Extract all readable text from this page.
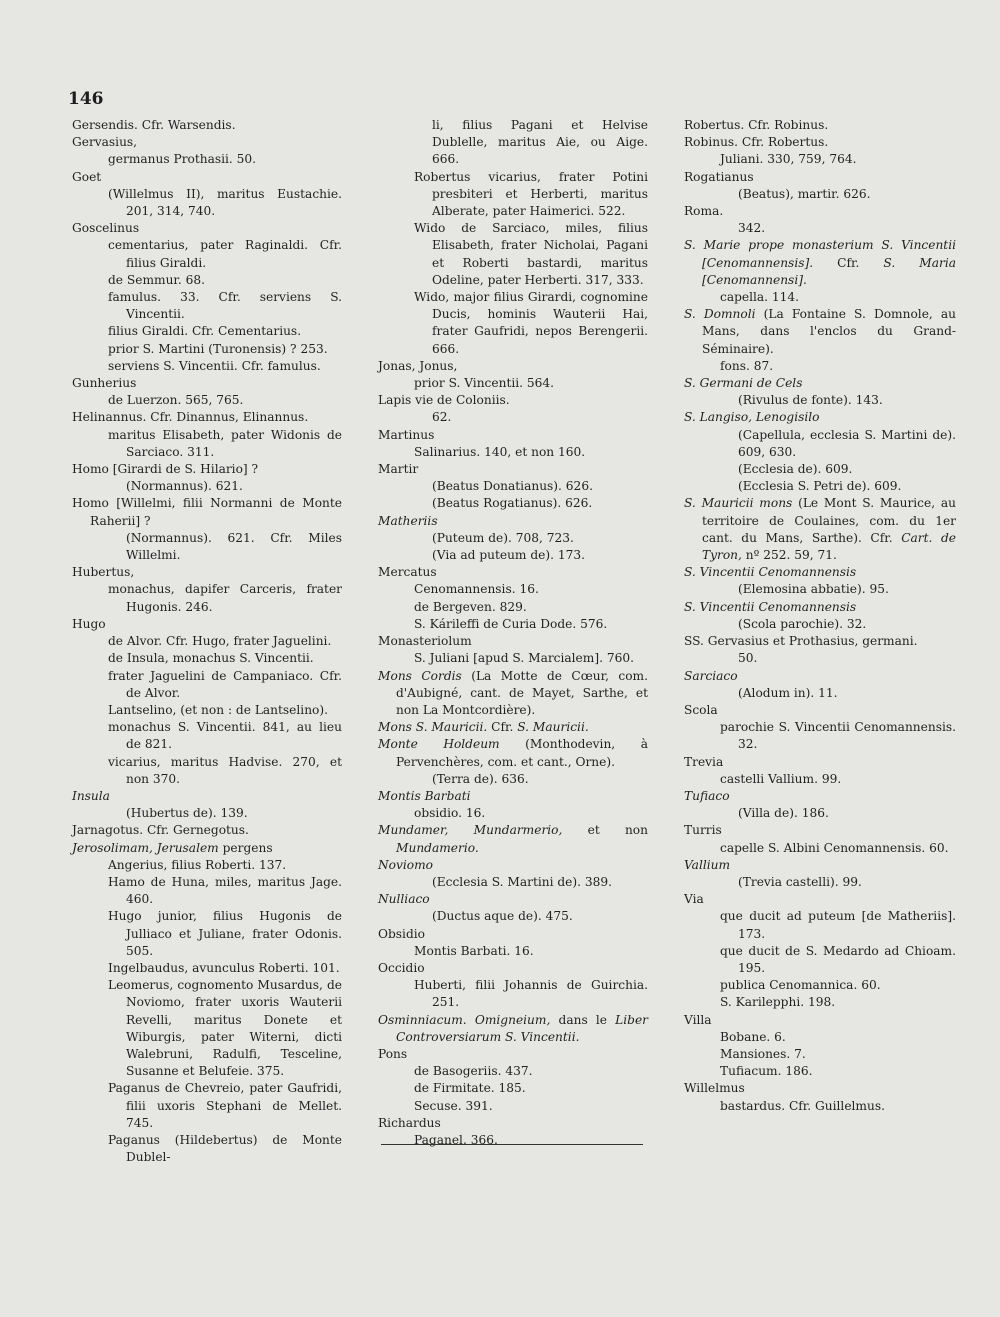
146

Gersendis. Cfr. Warsendis.

Gervasius,

germanus Prothasii. 50.

Goet

(Willelmus II), maritus Eustachie. 201, 314, 740.

Goscelinus

cementarius, pater Raginaldi. Cfr. filius Giraldi.

de Semmur. 68.

famulus. 33. Cfr. serviens S. Vincentii.

filius Giraldi. Cfr. Cementarius.

prior S. Martini (Turonensis) ? 253.

serviens S. Vincentii. Cfr. famulus.

Gunherius

de Luerzon. 565, 765.

Helinannus. Cfr. Dinannus, Elinannus.

maritus Elisabeth, pater Widonis de Sarciaco. 311.

Homo [Girardi de S. Hilario] ?

(Normannus). 621.

Homo [Willelmi, filii Normanni de Monte Raherii] ?

(Normannus). 621. Cfr. Miles Willelmi.

Hubertus,

monachus, dapifer Carceris, frater Hugonis. 246.

Hugo

de Alvor. Cfr. Hugo, frater Jaguelini.

de Insula, monachus S. Vincentii.

frater Jaguelini de Campaniaco. Cfr. de Alvor.

Lantselino, (et non : de Lantselino).

monachus S. Vincentii. 841, au lieu de 821.

vicarius, maritus Hadvise. 270, et non 370.

Insula

(Hubertus de). 139.

Jarnagotus. Cfr. Gernegotus.

Jerosolimam, Jerusalem pergens

Angerius, filius Roberti. 137.

Hamo de Huna, miles, maritus Jage. 460.

Hugo junior, filius Hugonis de Julliaco et Juliane, frater Odonis. 505.

Ingelbaudus, avunculus Roberti. 101.

Leomerus, cognomento Musardus, de Noviomo, frater uxoris Wauterii Revelli, maritus Donete et Wiburgis, pater Witerni, dicti Walebruni, Radulfi, Tesceline, Susanne et Belufeie. 375.

Paganus de Chevreio, pater Gaufridi, filii uxoris Stephani de Mellet. 745.

Paganus (Hildebertus) de Monte Dublel-

li, filius Pagani et Helvise Dublelle, maritus Aie, ou Aige. 666.

Robertus vicarius, frater Potini presbiteri et Herberti, maritus Alberate, pater Haimerici. 522.

Wido de Sarciaco, miles, filius Elisabeth, frater Nicholai, Pagani et Roberti bastardi, maritus Odeline, pater Herberti. 317, 333.

Wido, major filius Girardi, cognomine Ducis, hominis Wauterii Hai, frater Gaufridi, nepos Berengerii. 666.

Jonas, Jonus,

prior S. Vincentii. 564.

Lapis vie de Coloniis.

62.

Martinus

Salinarius. 140, et non 160.

Martir

(Beatus Donatianus). 626.

(Beatus Rogatianus). 626.

Matheriis

(Puteum de). 708, 723.

(Via ad puteum de). 173.

Mercatus

Cenomannensis. 16.

de Bergeven. 829.

S. Kárileffi de Curia Dode. 576.

Monasteriolum

S. Juliani [apud S. Marcialem]. 760.

Mons Cordis (La Motte de Cœur, com. d'Aubigné, cant. de Mayet, Sarthe, et non La Montcordière).

Mons S. Mauricii. Cfr. S. Mauricii.

Monte Holdeum (Monthodevin, à Pervenchères, com. et cant., Orne).

(Terra de). 636.

Montis Barbati

obsidio. 16.

Mundamer, Mundarmerio, et non Mundamerio.

Noviomo

(Ecclesia S. Martini de). 389.

Nulliaco

(Ductus aque de). 475.

Obsidio

Montis Barbati. 16.

Occidio

Huberti, filii Johannis de Guirchia. 251.

Osminniacum. Omigneium, dans le Liber Controversiarum S. Vincentii.

Pons

de Basogeriis. 437.

de Firmitate. 185.

Secuse. 391.

Richardus

Paganel. 366.

Robertus. Cfr. Robinus.

Robinus. Cfr. Robertus.

Juliani. 330, 759, 764.

Rogatianus

(Beatus), martir. 626.

Roma.

342.

S. Marie prope monasterium S. Vincentii [Cenomannensis]. Cfr. S. Maria [Cenomannensi].

capella. 114.

S. Domnoli (La Fontaine S. Domnole, au Mans, dans l'enclos du Grand-Séminaire).

fons. 87.

S. Germani de Cels

(Rivulus de fonte). 143.

S. Langiso, Lenogisilo

(Capellula, ecclesia S. Martini de). 609, 630.

(Ecclesia de). 609.

(Ecclesia S. Petri de). 609.

S. Mauricii mons (Le Mont S. Maurice, au territoire de Coulaines, com. du 1er cant. du Mans, Sarthe). Cfr. Cart. de Tyron, nº 252. 59, 71.

S. Vincentii Cenomannensis

(Elemosina abbatie). 95.

S. Vincentii Cenomannensis

(Scola parochie). 32.

SS. Gervasius et Prothasius, germani.

50.

Sarciaco

(Alodum in). 11.

Scola

parochie S. Vincentii Cenomannensis. 32.

Trevia

castelli Vallium. 99.

Tufiaco

(Villa de). 186.

Turris

capelle S. Albini Cenomannensis. 60.

Vallium

(Trevia castelli). 99.

Via

que ducit ad puteum [de Matheriis]. 173.

que ducit de S. Medardo ad Chioam. 195.

publica Cenomannica. 60.

S. Karilepphi. 198.

Villa

Bobane. 6.

Mansiones. 7.

Tufiacum. 186.

Willelmus

bastardus. Cfr. Guillelmus.
